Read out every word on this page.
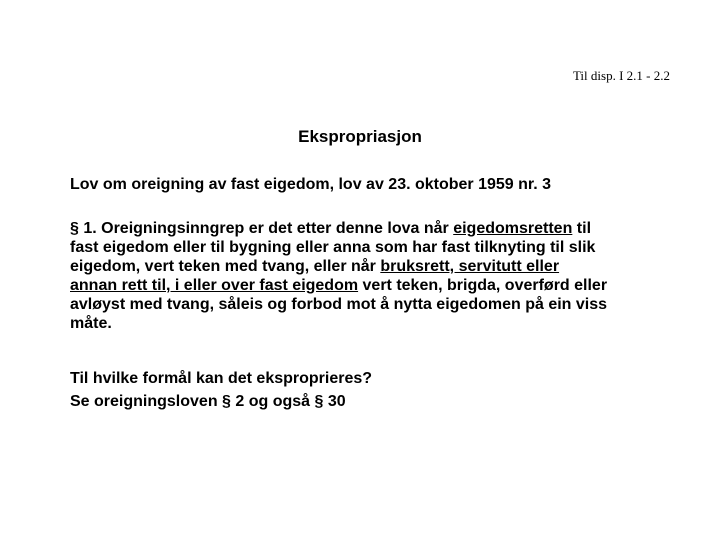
Til disp. I 2.1 - 2.2
Ekspropriasjon
Lov om oreigning av fast eigedom, lov av 23. oktober 1959 nr. 3
§ 1. Oreigningsinngrep er det etter denne lova når eigedomsretten til
fast eigedom eller til bygning eller anna som har fast tilknyting til slik
eigedom, vert teken med tvang, eller når bruksrett, servitutt eller
annan rett til, i eller over fast eigedom vert teken, brigda, overførd eller
avløyst med tvang, såleis og forbod mot å nytta eigedomen på ein viss
måte.
Til hvilke formål kan det eksproprieres?
Se oreigningsloven § 2 og også § 30
